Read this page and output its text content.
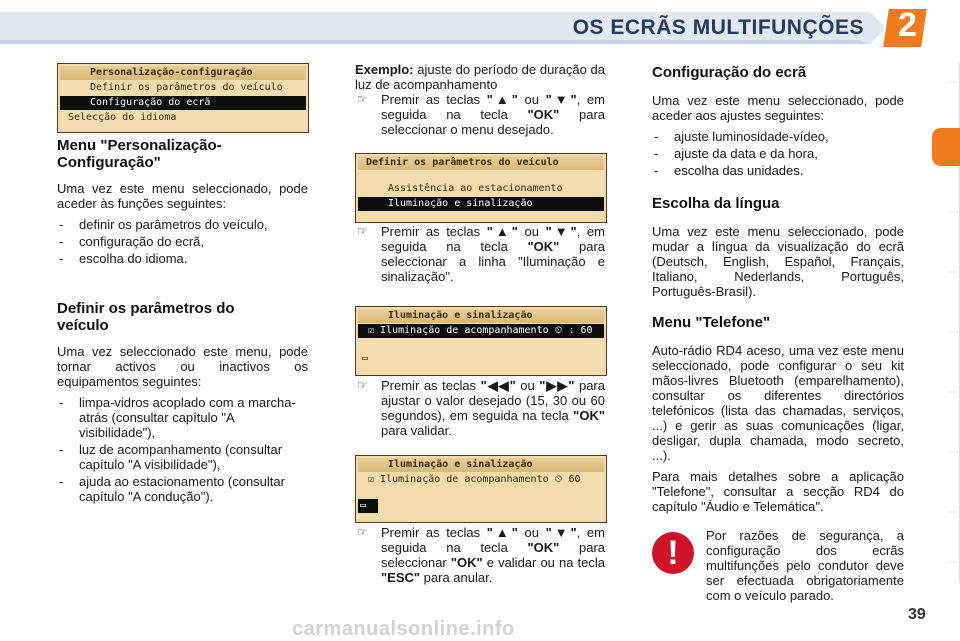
OS ECRÃS MULTIFUNÇÕES 2
Personalização-configuração
Definir os parâmetros do veículo
Configuração do ecrã
Selecção do idioma
Menu "Personalização-Configuração"

Uma vez este menu seleccionado, pode aceder às funções seguintes:

- definir os parâmetros do veículo,
- configuração do ecrã,
- escolha do idioma.
Definir os parâmetros do veículo

Uma vez seleccionado este menu, pode tornar activos ou inactivos os equipamentos seguintes:

- limpa-vidros acoplado com a marcha-atrás (consultar capítulo "A visibilidade"),
- luz de acompanhamento (consultar capítulo "A visibilidade"),
- ajuda ao estacionamento (consultar capítulo "A condução").

Exemplo: ajuste do período de duração da luz de acompanhamento

☞ Premir as teclas "▲" ou "▼", em seguida na tecla "OK" para seleccionar o menu desejado.
Definir os parâmetros do veículo
Assistência ao estacionamento
Iluminação e sinalização
☞ Premir as teclas "▲" ou "▼", em seguida na tecla "OK" para seleccionar a linha "Iluminação e sinalização".
Iluminação e sinalização
☑ Iluminação de acompanhamento ⏲ : 60
▭
☞ Premir as teclas "◀◀" ou "▶▶" para ajustar o valor desejado (15, 30 ou 60 segundos), em seguida na tecla "OK" para validar.
Iluminação e sinalização
☑ Iluminação de acompanhamento ⏲ 60
▭
☞ Premir as teclas "▲" ou "▼", em seguida na tecla "OK" para seleccionar "OK" e validar ou na tecla "ESC" para anular.
Configuração do ecrã

Uma vez este menu seleccionado, pode aceder aos ajustes seguintes:

- ajuste luminosidade-vídeo,
- ajuste da data e da hora,
- escolha das unidades.
Escolha da língua

Uma vez este menu seleccionado, pode mudar a língua da visualização do ecrã (Deutsch, English, Español, Français, Italiano, Nederlands, Português, Português-Brasil).

Menu "Telefone"

Auto-rádio RD4 aceso, uma vez este menu seleccionado, pode configurar o seu kit mãos-livres Bluetooth (emparelhamento), consultar os diferentes directórios telefónicos (lista das chamadas, serviços, ...) e gerir as suas comunicações (ligar, desligar, dupla chamada, modo secreto, ...).

Para mais detalhes sobre a aplicação "Telefone", consultar a secção RD4 do capítulo "Áudio e Telemática".

!	Por razões de segurança, a configuração dos ecrãs multifunções pelo condutor deve ser efectuada obrigatoriamente com o veículo parado.

39
carmanualsonline.info
